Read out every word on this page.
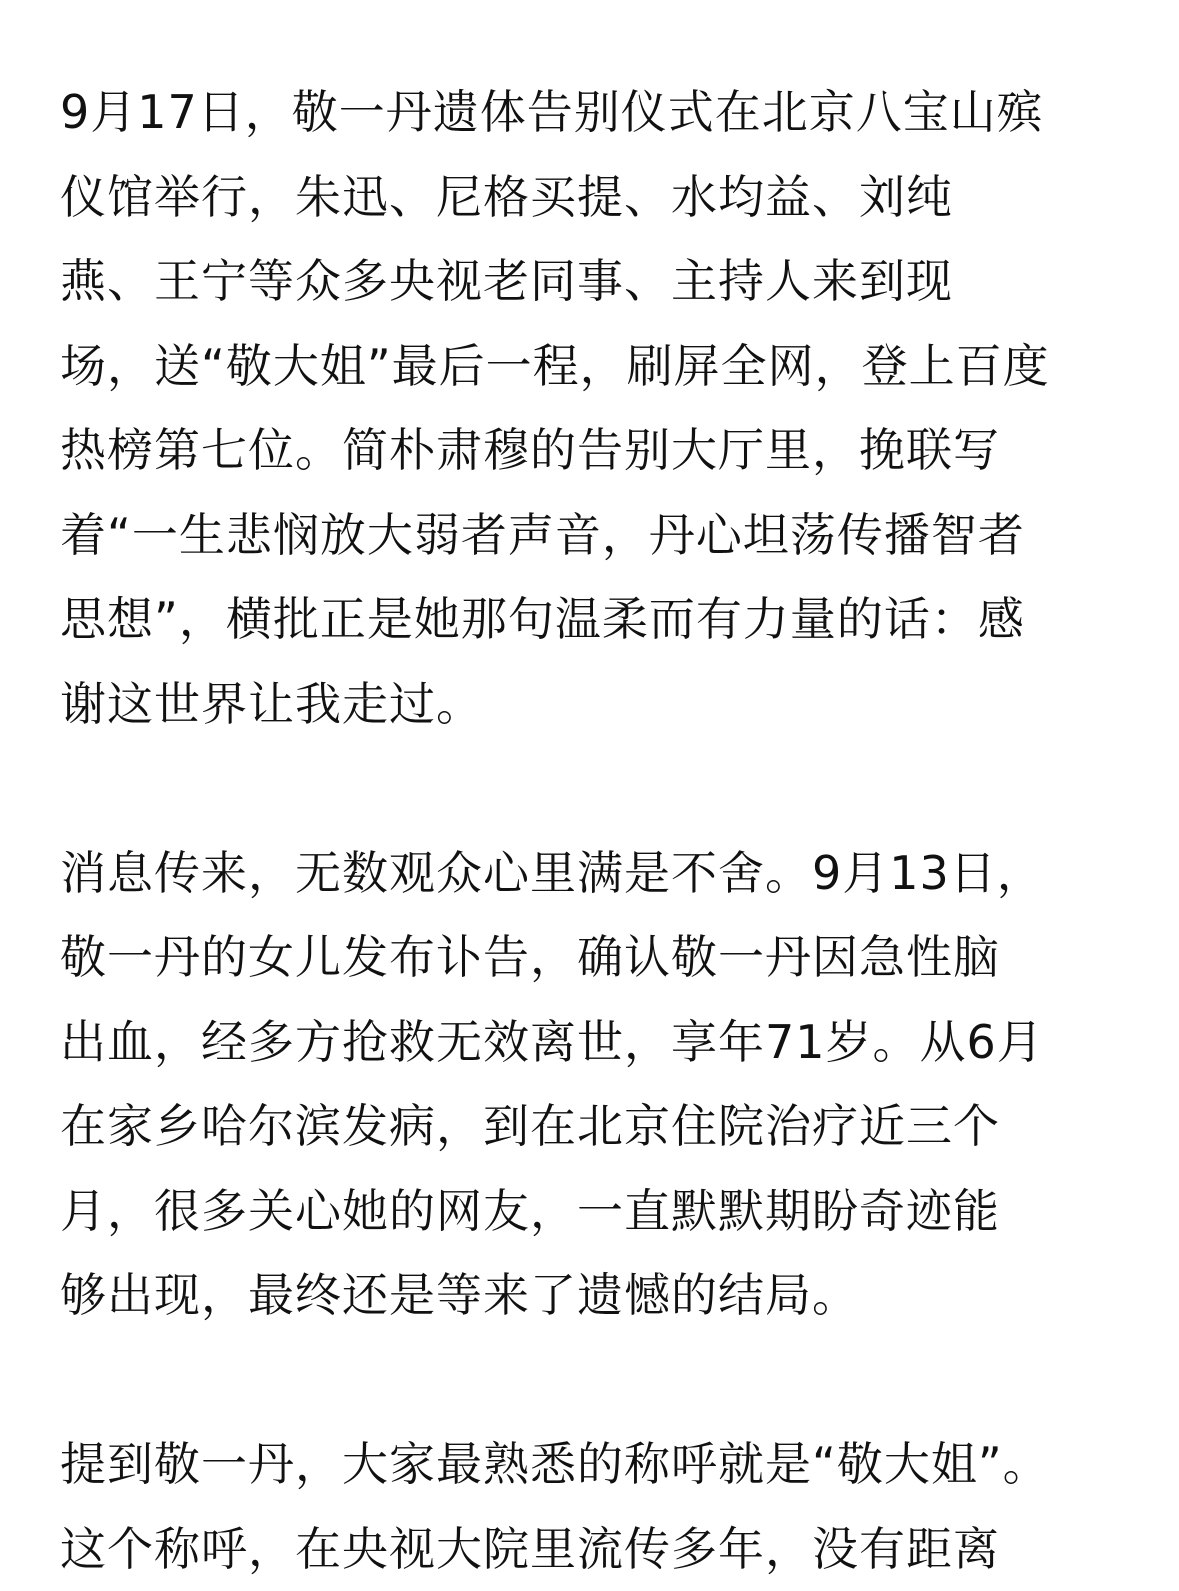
9月17日，敬一丹遗体告别仪式在北京八宝山殡
仪馆举行，朱迅、尼格买提、水均益、刘纯
燕、王宁等众多央视老同事、主持人来到现
场，送“敬大姐”最后一程，刷屏全网，登上百度
热榜第七位。简朴肃穆的告别大厅里，挽联写
着“一生悲悯放大弱者声音，丹心坦荡传播智者
思想”，横批正是她那句温柔而有力量的话：感
谢这世界让我走过。

消息传来，无数观众心里满是不舍。9月13日，
敬一丹的女儿发布讣告，确认敬一丹因急性脑
出血，经多方抢救无效离世，享年71岁。从6月
在家乡哈尔滨发病，到在北京住院治疗近三个
月，很多关心她的网友，一直默默期盼奇迹能
够出现，最终还是等来了遗憾的结局。

提到敬一丹，大家最熟悉的称呼就是“敬大姐”。
这个称呼，在央视大院里流传多年，没有距离
